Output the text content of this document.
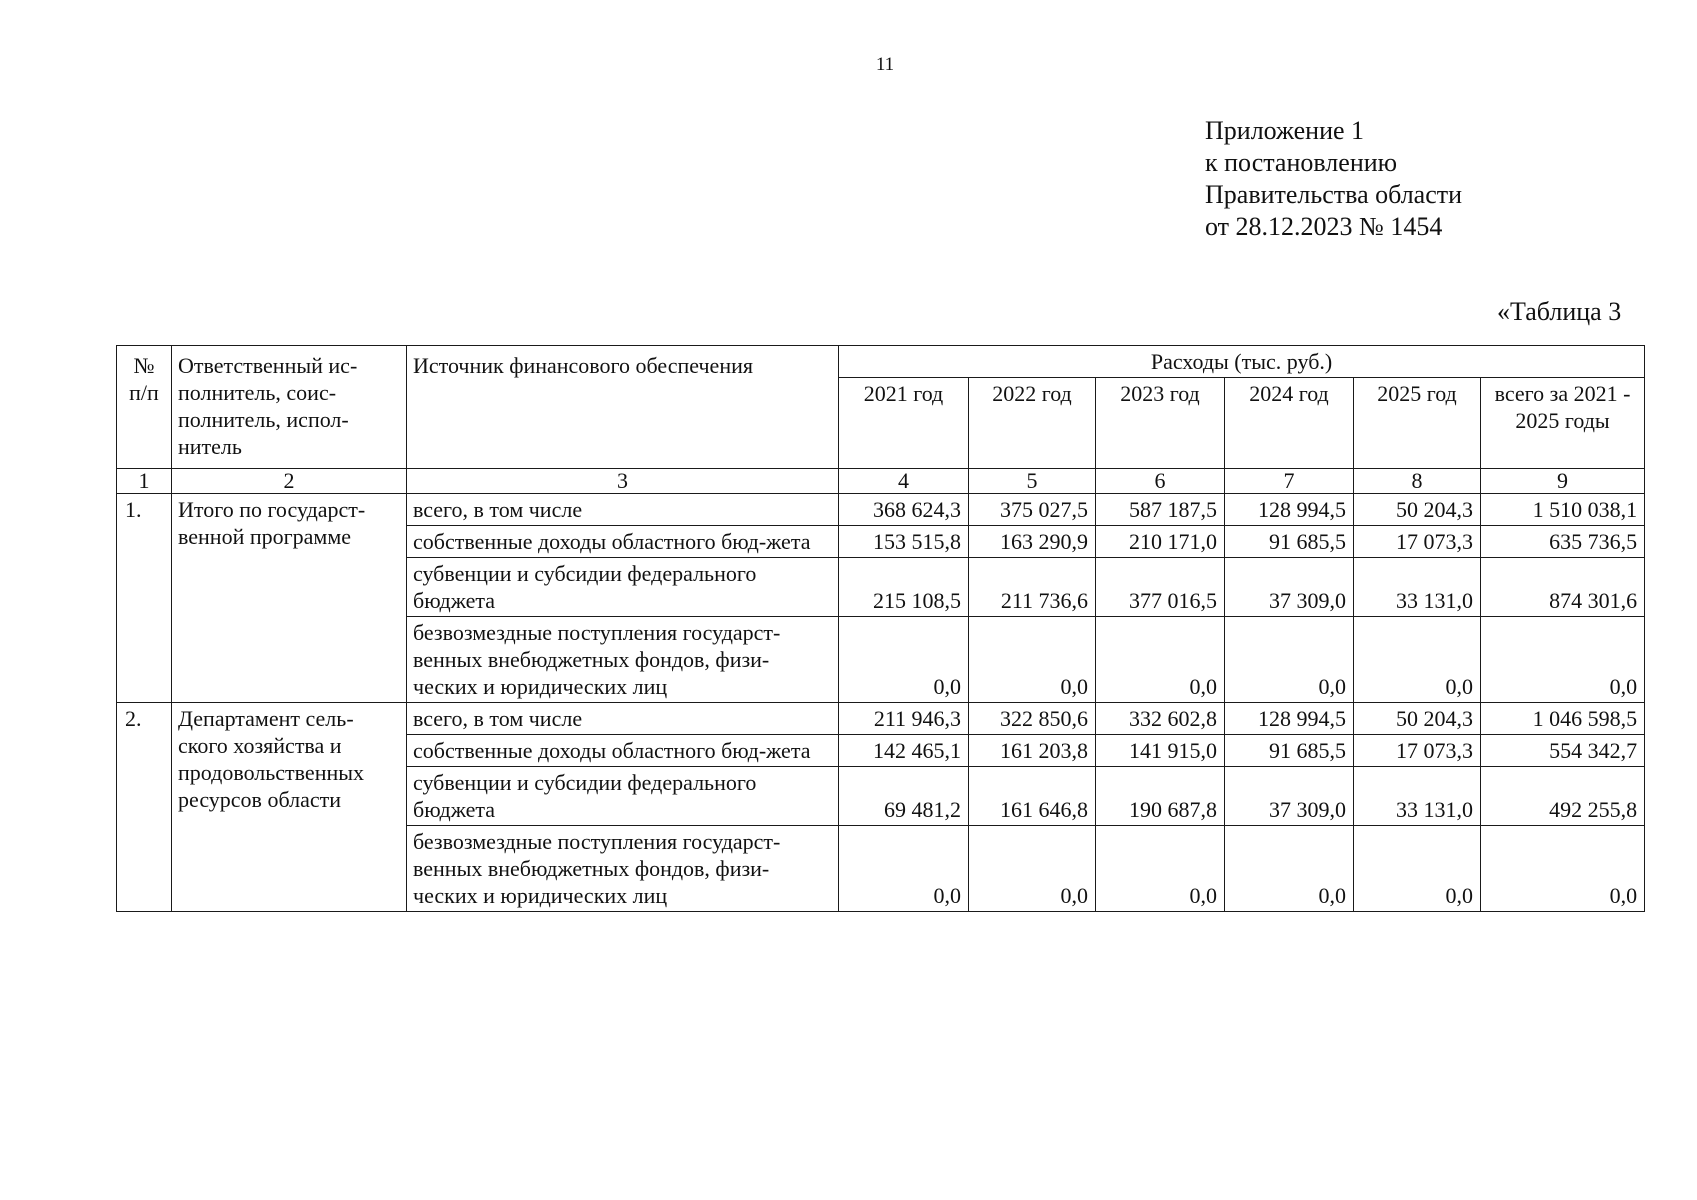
11
Приложение 1
к постановлению
Правительства области
от 28.12.2023 № 1454
«Таблица 3
№ п/п	Ответственный ис-полнитель, соис-полнитель, испол-нитель	Источник финансового обеспечения	Расходы (тыс. руб.)					
			2021 год	2022 год	2023 год	2024 год	2025 год	всего за 2021 - 2025 годы
1	2	3	4	5	6	7	8	9
1.	Итого по государст-венной программе	всего, в том числе	368 624,3	375 027,5	587 187,5	128 994,5	50 204,3	1 510 038,1
		собственные доходы областного бюд-жета	153 515,8	163 290,9	210 171,0	91 685,5	17 073,3	635 736,5
		субвенции и субсидии федерального бюджета	215 108,5	211 736,6	377 016,5	37 309,0	33 131,0	874 301,6
		безвозмездные поступления государст-венных внебюджетных фондов, физи-ческих и юридических лиц	0,0	0,0	0,0	0,0	0,0	0,0
2.	Департамент сель-ского хозяйства и продовольственных ресурсов области	всего, в том числе	211 946,3	322 850,6	332 602,8	128 994,5	50 204,3	1 046 598,5
		собственные доходы областного бюд-жета	142 465,1	161 203,8	141 915,0	91 685,5	17 073,3	554 342,7
		субвенции и субсидии федерального бюджета	69 481,2	161 646,8	190 687,8	37 309,0	33 131,0	492 255,8
		безвозмездные поступления государст-венных внебюджетных фондов, физи-ческих и юридических лиц	0,0	0,0	0,0	0,0	0,0	0,0
